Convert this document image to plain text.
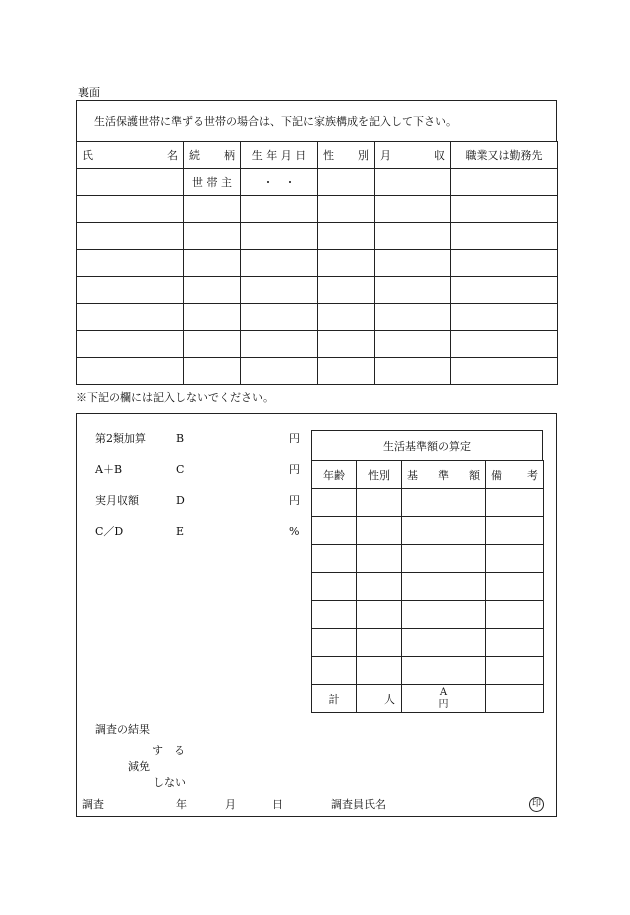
裏面
生活保護世帯に準ずる世帯の場合は、下記に家族構成を記入して下さい。
氏 名	続 柄	生 年 月 日	性 別	月 収	職業又は勤務先

	世 帯 主	・　・			

※下記の欄には記入しないでください。
第2類加算	B	円
A＋B	C	円
実月収額	D	円
C／D	E	%
生活基準額の算定
年齢	性別	基 準 額	備 考

計	人	A
円	

調査の結果
す　る
減免
しない
調査	年	月	日	調査員氏名	印
